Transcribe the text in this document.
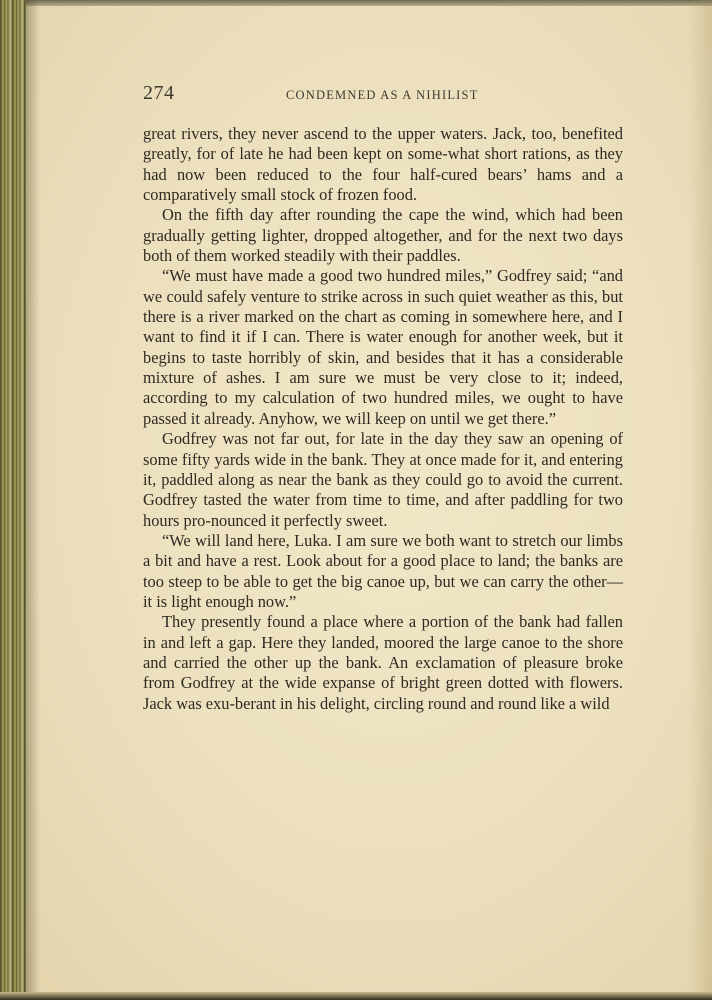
274	CONDEMNED AS A NIHILIST

great rivers, they never ascend to the upper waters. Jack, too, benefited greatly, for of late he had been kept on some-what short rations, as they had now been reduced to the four half-cured bears’ hams and a comparatively small stock of frozen food.

On the fifth day after rounding the cape the wind, which had been gradually getting lighter, dropped altogether, and for the next two days both of them worked steadily with their paddles.

“We must have made a good two hundred miles,” Godfrey said; “and we could safely venture to strike across in such quiet weather as this, but there is a river marked on the chart as coming in somewhere here, and I want to find it if I can. There is water enough for another week, but it begins to taste horribly of skin, and besides that it has a considerable mixture of ashes. I am sure we must be very close to it; indeed, according to my calculation of two hundred miles, we ought to have passed it already. Anyhow, we will keep on until we get there.”

Godfrey was not far out, for late in the day they saw an opening of some fifty yards wide in the bank. They at once made for it, and entering it, paddled along as near the bank as they could go to avoid the current. Godfrey tasted the water from time to time, and after paddling for two hours pro-nounced it perfectly sweet.

“We will land here, Luka. I am sure we both want to stretch our limbs a bit and have a rest. Look about for a good place to land; the banks are too steep to be able to get the big canoe up, but we can carry the other—it is light enough now.”

They presently found a place where a portion of the bank had fallen in and left a gap. Here they landed, moored the large canoe to the shore and carried the other up the bank. An exclamation of pleasure broke from Godfrey at the wide expanse of bright green dotted with flowers. Jack was exu-berant in his delight, circling round and round like a wild
